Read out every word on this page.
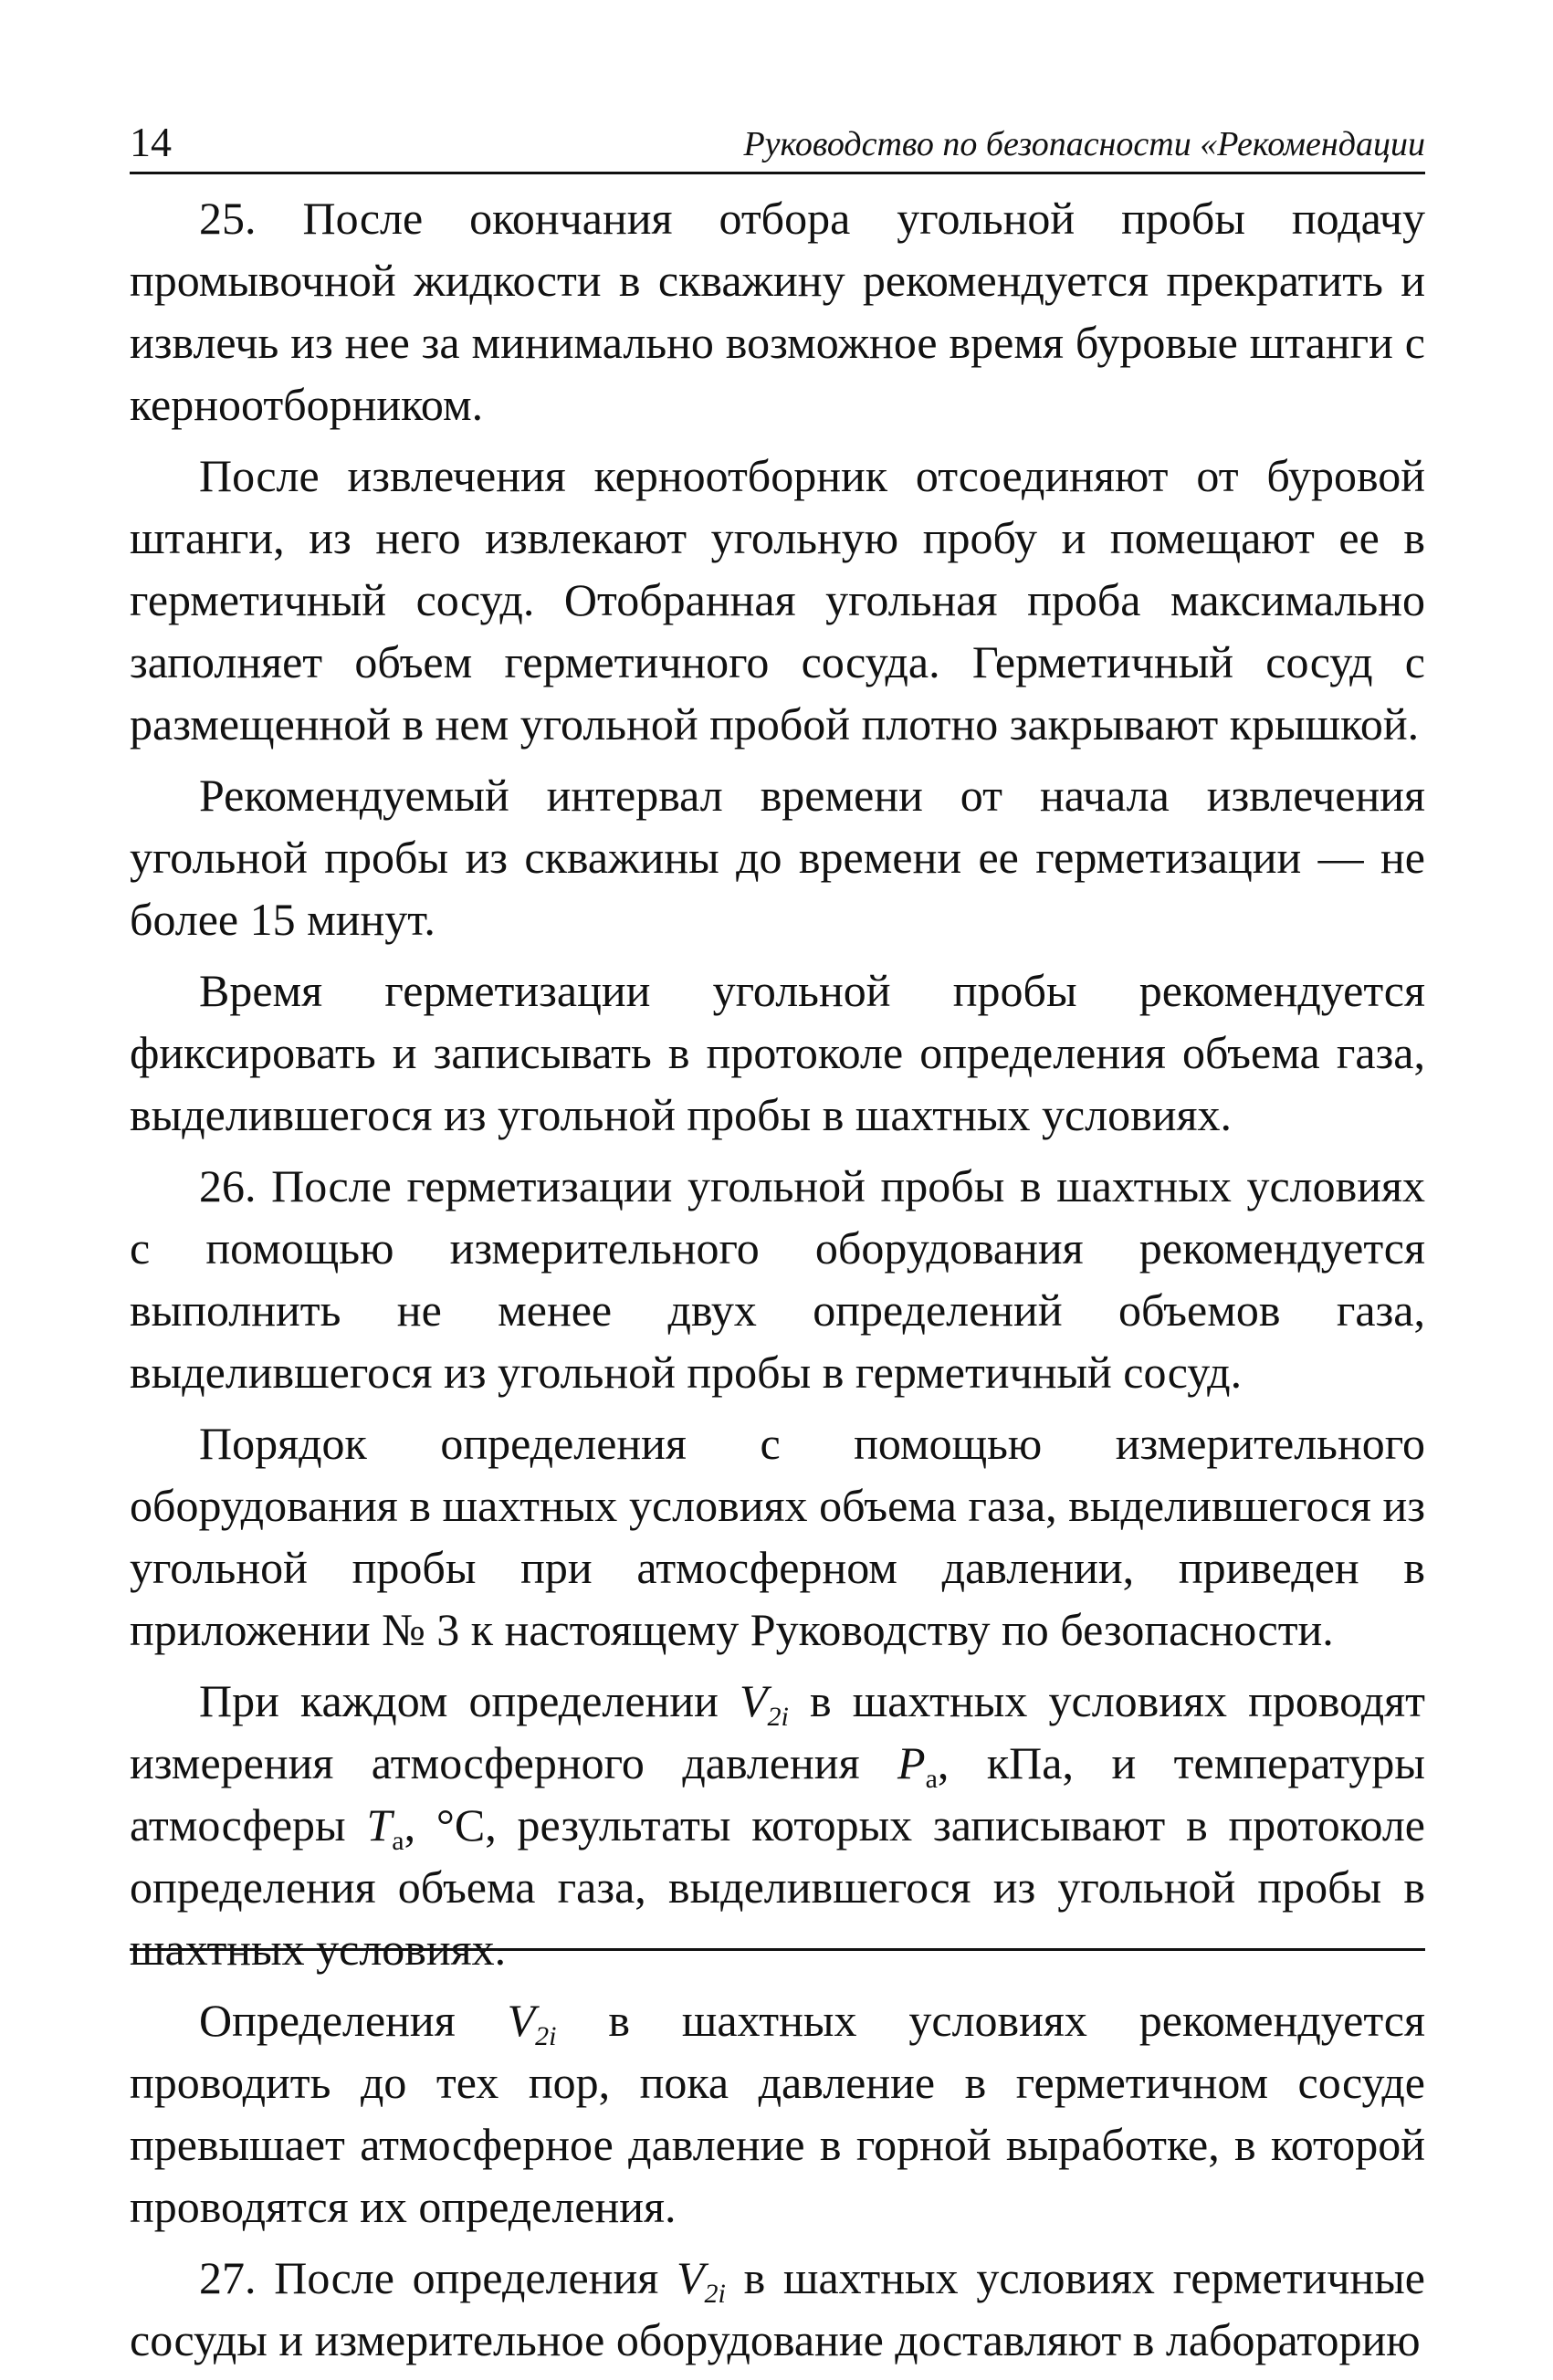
14	Руководство по безопасности «Рекомендации

25. После окончания отбора угольной пробы подачу промывочной жидкости в скважину рекомендуется прекратить и извлечь из нее за минимально возможное время буровые штанги с керноотборником.

После извлечения керноотборник отсоединяют от буровой штанги, из него извлекают угольную пробу и помещают ее в герметичный сосуд. Отобранная угольная проба максимально заполняет объем герметичного сосуда. Герметичный сосуд с размещенной в нем угольной пробой плотно закрывают крышкой.

Рекомендуемый интервал времени от начала извлечения угольной пробы из скважины до времени ее герметизации — не более 15 минут.

Время герметизации угольной пробы рекомендуется фиксировать и записывать в протоколе определения объема газа, выделившегося из угольной пробы в шахтных условиях.

26. После герметизации угольной пробы в шахтных условиях с помощью измерительного оборудования рекомендуется выполнить не менее двух определений объемов газа, выделившегося из угольной пробы в герметичный сосуд.

Порядок определения с помощью измерительного оборудования в шахтных условиях объема газа, выделившегося из угольной пробы при атмосферном давлении, приведен в приложении № 3 к настоящему Руководству по безопасности.

При каждом определении $V_{2i}$ в шахтных условиях проводят измерения атмосферного давления $P_а$, кПа, и температуры атмосферы $T_а$, °С, результаты которых записывают в протоколе определения объема газа, выделившегося из угольной пробы в шахтных условиях.

Определения $V_{2i}$ в шахтных условиях рекомендуется проводить до тех пор, пока давление в герметичном сосуде превышает атмосферное давление в горной выработке, в которой проводятся их определения.

27. После определения $V_{2i}$ в шахтных условиях герметичные сосуды и измерительное оборудование доставляют в лабораторию
